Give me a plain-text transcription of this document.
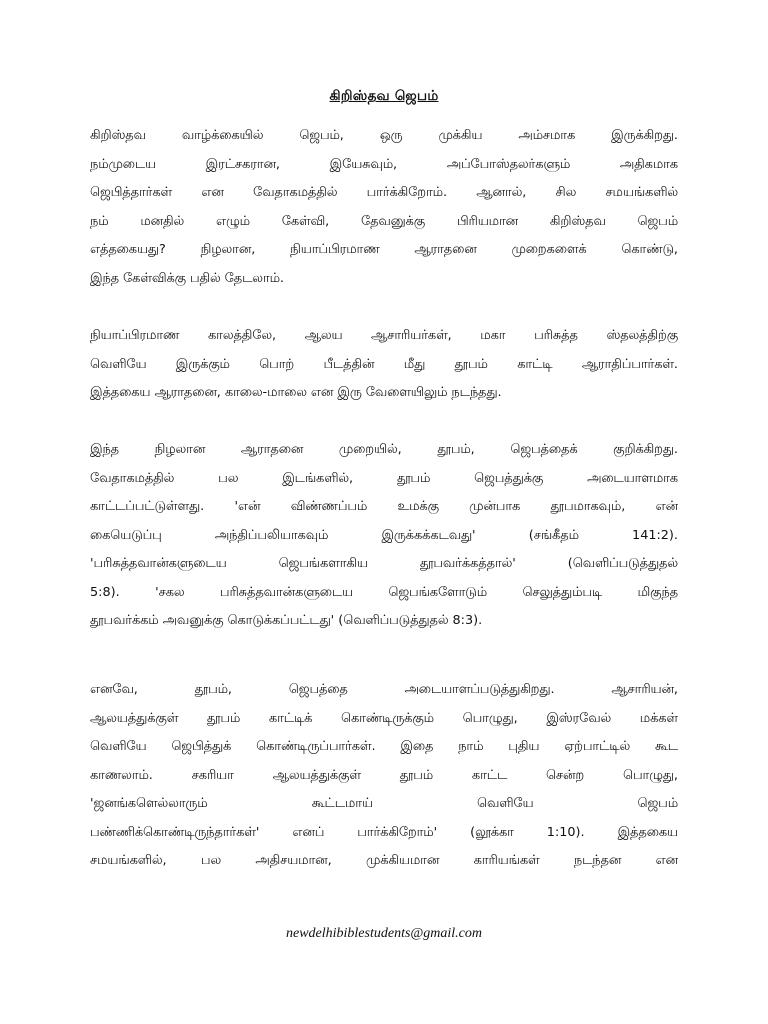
கிறிஸ்தவ ஜெபம்
கிறிஸ்தவ வாழ்க்கையில் ஜெபம், ஒரு முக்கிய அம்சமாக இருக்கிறது.
நம்முடைய இரட்சகரான, இயேசுவும், அப்போஸ்தலர்களும் அதிகமாக
ஜெபித்தார்கள் என வேதாகமத்தில் பார்க்கிறோம். ஆனால், சில சமயங்களில்
நம் மனதில் எழும் கேள்வி, தேவனுக்கு பிரியமான கிறிஸ்தவ ஜெபம்
எத்தகையது? நிழலான, நியாப்பிரமாண ஆராதனை முறைகளைக் கொண்டு,
இந்த கேள்விக்கு பதில் தேடலாம்.
நியாப்பிரமாண காலத்திலே, ஆலய ஆசாரியர்கள், மகா பரிசுத்த ஸ்தலத்திற்கு
வெளியே இருக்கும் பொற் பீடத்தின் மீது தூபம் காட்டி ஆராதிப்பார்கள்.
இத்தகைய ஆராதனை, காலை-மாலை என இரு வேளையிலும் நடந்தது.
இந்த நிழலான ஆராதனை முறையில், தூபம், ஜெபத்தைக் குறிக்கிறது.
வேதாகமத்தில் பல இடங்களில், தூபம் ஜெபத்துக்கு அடையாளமாக
காட்டப்பட்டுள்ளது. 'என் விண்ணப்பம் உமக்கு முன்பாக தூபமாகவும், என்
கையெடுப்பு அந்திப்பலியாகவும் இருக்கக்கடவது' (சங்கீதம் 141:2).
'பரிசுத்தவான்களுடைய ஜெபங்களாகிய தூபவர்க்கத்தால்' (வெளிப்படுத்துதல்
5:8). 'சகல பரிசுத்தவான்களுடைய ஜெபங்களோடும் செலுத்தும்படி மிகுந்த
தூபவர்க்கம் அவனுக்கு கொடுக்கப்பட்டது' (வெளிப்படுத்துதல் 8:3).
எனவே, தூபம், ஜெபத்தை அடையாளப்படுத்துகிறது. ஆசாரியன்,
ஆலயத்துக்குள் தூபம் காட்டிக் கொண்டிருக்கும் பொழுது, இஸ்ரவேல் மக்கள்
வெளியே ஜெபித்துக் கொண்டிருப்பார்கள். இதை நாம் புதிய ஏற்பாட்டில் கூட
காணலாம். சகரியா ஆலயத்துக்குள் தூபம் காட்ட சென்ற பொழுது,
'ஜனங்களெல்லாரும் கூட்டமாய் வெளியே ஜெபம்
பண்ணிக்கொண்டிருந்தார்கள்' எனப் பார்க்கிறோம்' (லூக்கா 1:10). இத்தகைய
சமயங்களில், பல அதிசயமான, முக்கியமான காரியங்கள் நடந்தன என

newdelhibiblestudents@gmail.com
